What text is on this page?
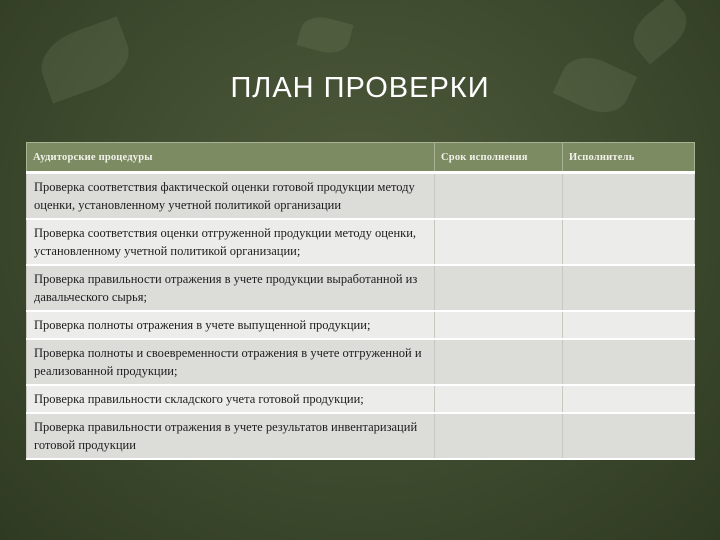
ПЛАН ПРОВЕРКИ
Аудиторские процедуры	Срок исполнения	Исполнитель
Проверка соответствия фактической оценки готовой продукции методу оценки, установленному учетной политикой организации		
Проверка соответствия оценки отгруженной продукции методу оценки, установленному учетной политикой организации;		
Проверка правильности отражения в учете продукции выработанной из давальческого сырья;		
Проверка полноты отражения в учете выпущенной продукции;		
Проверка полноты и своевременности отражения в учете отгруженной и реализованной продукции;		
Проверка правильности складского учета готовой продукции;		
Проверка правильности отражения в учете результатов инвентаризаций готовой продукции		
